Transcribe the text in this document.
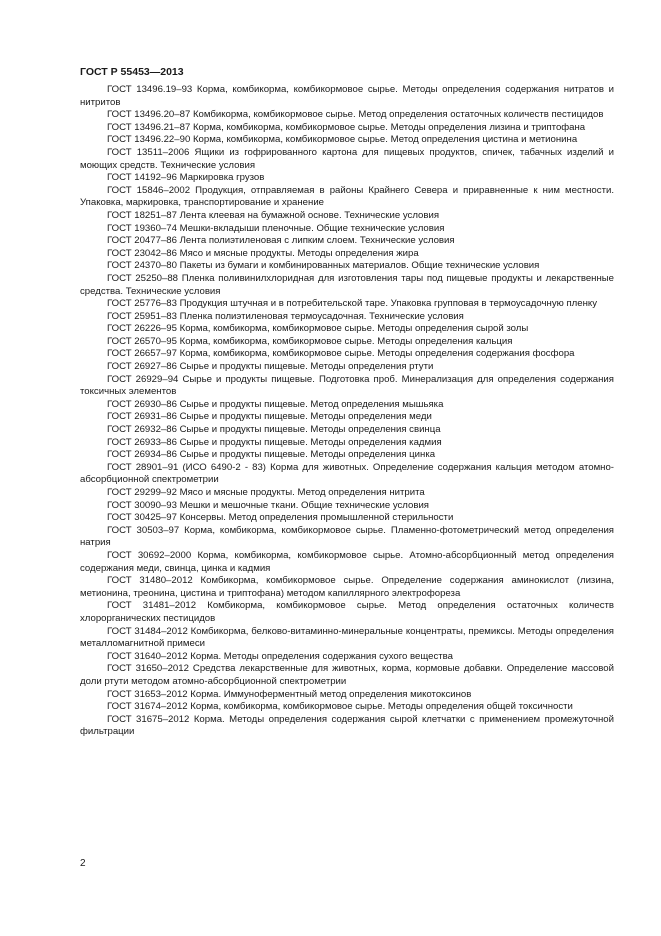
ГОСТ Р 55453—2013

ГОСТ 13496.19–93 Корма, комбикорма, комбикормовое сырье. Методы определения содержания нитратов и нитритов

ГОСТ 13496.20–87 Комбикорма, комбикормовое сырье. Метод определения остаточных количеств пестицидов

ГОСТ 13496.21–87 Корма, комбикорма, комбикормовое сырье. Методы определения лизина и триптофана

ГОСТ 13496.22–90 Корма, комбикорма, комбикормовое сырье. Метод определения цистина и метионина

ГОСТ 13511–2006 Ящики из гофрированного картона для пищевых продуктов, спичек, табачных изделий и моющих средств. Технические условия

ГОСТ 14192–96 Маркировка грузов

ГОСТ 15846–2002 Продукция, отправляемая в районы Крайнего Севера и приравненные к ним местности. Упаковка, маркировка, транспортирование и хранение

ГОСТ 18251–87 Лента клеевая на бумажной основе. Технические условия

ГОСТ 19360–74 Мешки-вкладыши пленочные. Общие технические условия

ГОСТ 20477–86 Лента полиэтиленовая с липким слоем. Технические условия

ГОСТ 23042–86 Мясо и мясные продукты. Методы определения жира

ГОСТ 24370–80 Пакеты из бумаги и комбинированных материалов. Общие технические условия

ГОСТ 25250–88 Пленка поливинилхлоридная для изготовления тары под пищевые продукты и лекарственные средства. Технические условия

ГОСТ 25776–83 Продукция штучная и в потребительской таре. Упаковка групповая в термоусадочную пленку

ГОСТ 25951–83 Пленка полиэтиленовая термоусадочная. Технические условия

ГОСТ 26226–95 Корма, комбикорма, комбикормовое сырье. Методы определения сырой золы

ГОСТ 26570–95 Корма, комбикорма, комбикормовое сырье. Методы определения кальция

ГОСТ 26657–97 Корма, комбикорма, комбикормовое сырье. Методы определения содержания фосфора

ГОСТ 26927–86 Сырье и продукты пищевые. Методы определения ртути

ГОСТ 26929–94 Сырье и продукты пищевые. Подготовка проб. Минерализация для определения содержания токсичных элементов

ГОСТ 26930–86 Сырье и продукты пищевые. Метод определения мышьяка

ГОСТ 26931–86 Сырье и продукты пищевые. Методы определения меди

ГОСТ 26932–86 Сырье и продукты пищевые. Методы определения свинца

ГОСТ 26933–86 Сырье и продукты пищевые. Методы определения кадмия

ГОСТ 26934–86 Сырье и продукты пищевые. Методы определения цинка

ГОСТ 28901–91 (ИСО 6490-2 - 83) Корма для животных. Определение содержания кальция методом атомно-абсорбционной спектрометрии

ГОСТ 29299–92 Мясо и мясные продукты. Метод определения нитрита

ГОСТ 30090–93 Мешки и мешочные ткани. Общие технические условия

ГОСТ 30425–97 Консервы. Метод определения промышленной стерильности

ГОСТ 30503–97 Корма, комбикорма, комбикормовое сырье. Пламенно-фотометрический метод определения натрия

ГОСТ 30692–2000 Корма, комбикорма, комбикормовое сырье. Атомно-абсорбционный метод определения содержания меди, свинца, цинка и кадмия

ГОСТ 31480–2012 Комбикорма, комбикормовое сырье. Определение содержания аминокислот (лизина, метионина, треонина, цистина и триптофана) методом капиллярного электрофореза

ГОСТ 31481–2012 Комбикорма, комбикормовое сырье. Метод определения остаточных количеств хлорорганических пестицидов

ГОСТ 31484–2012 Комбикорма, белково-витаминно-минеральные концентраты, премиксы. Методы определения металломагнитной примеси

ГОСТ 31640–2012 Корма. Методы определения содержания сухого вещества

ГОСТ 31650–2012 Средства лекарственные для животных, корма, кормовые добавки. Определение массовой доли ртути методом атомно-абсорбционной спектрометрии

ГОСТ 31653–2012 Корма. Иммуноферментный метод определения микотоксинов

ГОСТ 31674–2012 Корма, комбикорма, комбикормовое сырье. Методы определения общей токсичности

ГОСТ 31675–2012 Корма. Методы определения содержания сырой клетчатки с применением промежуточной фильтрации

2
